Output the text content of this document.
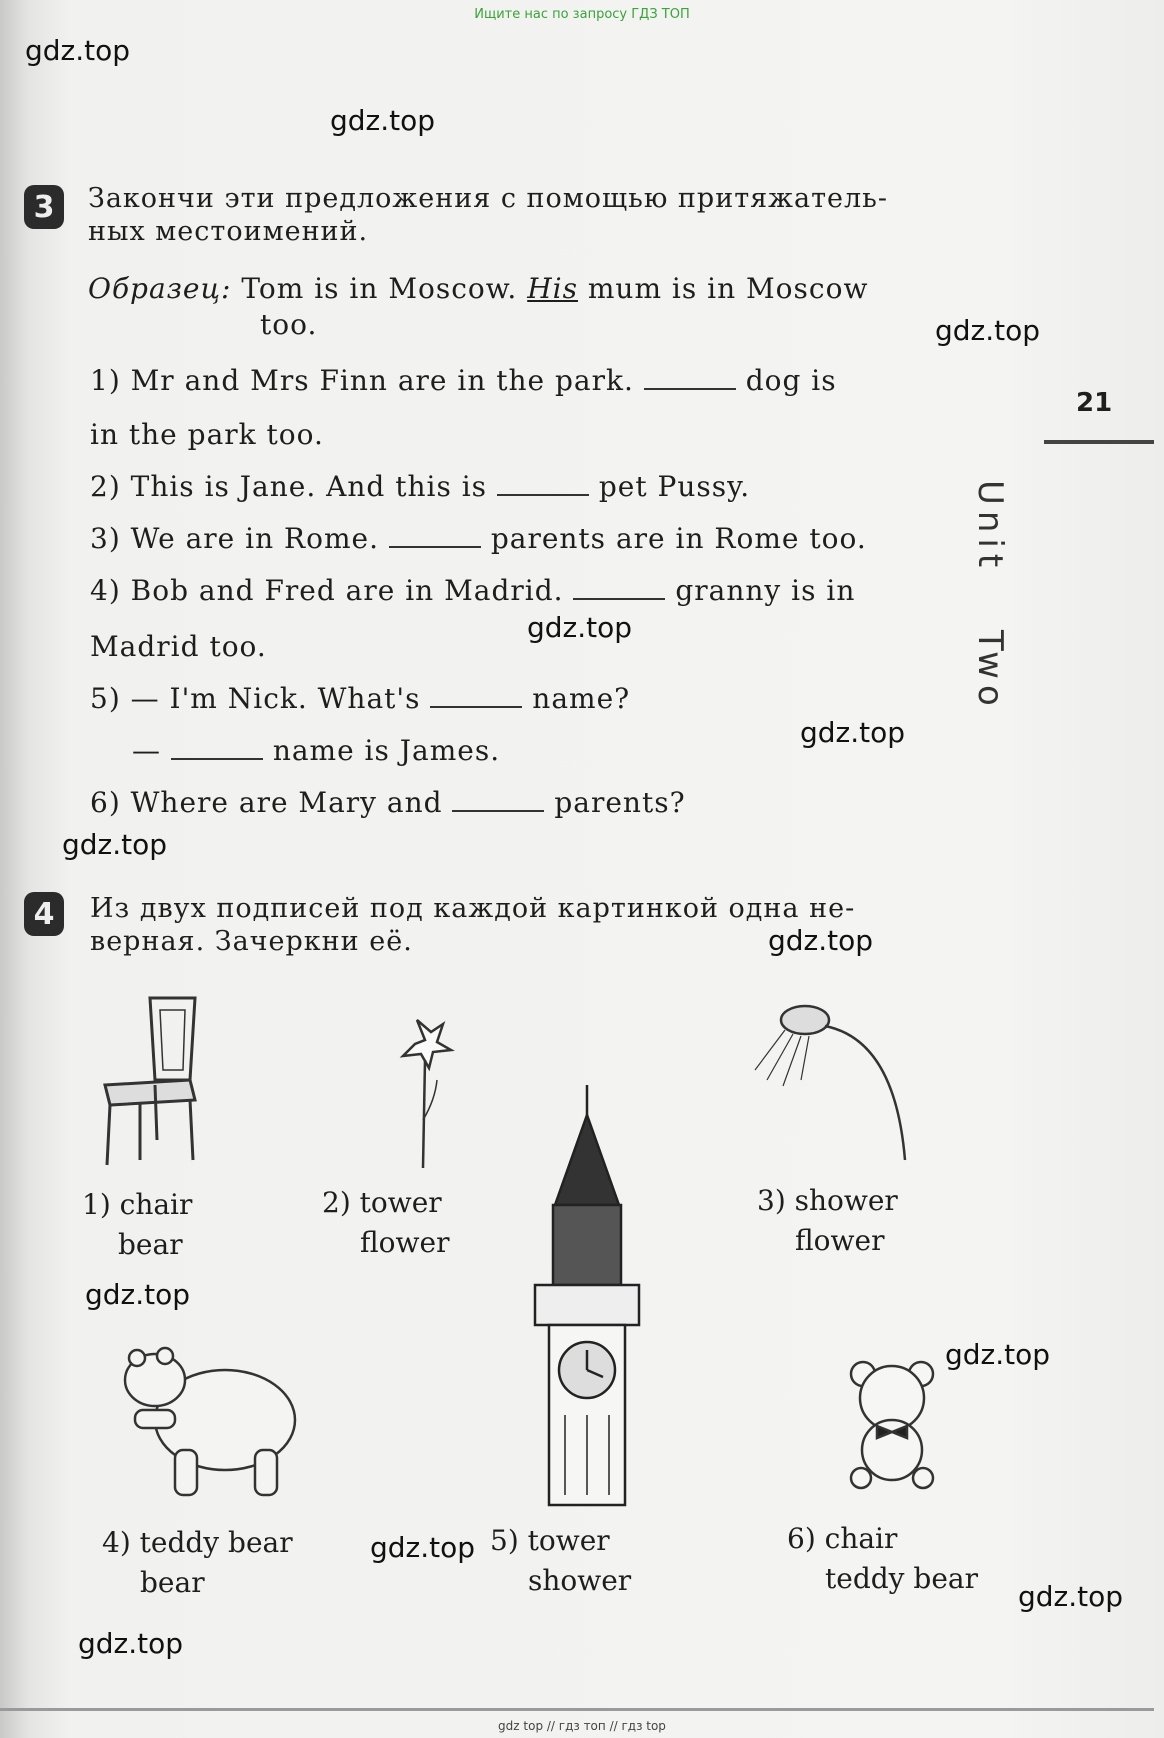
Ищите нас по запросу ГДЗ ТОП
gdz.top
gdz.top
gdz.top
gdz.top
gdz.top
gdz.top
gdz.top
gdz.top
gdz.top
gdz.top
gdz.top
gdz.top
21
Unit
Two
3	Закончи эти предложения с помощью притяжатель-
ных местоимений.
Образец: Tom is in Moscow. His mum is in Moscow
too.
1) Mr and Mrs Finn are in the park.	dog is
in the park too.
2) This is Jane. And this is	pet Pussy.
3) We are in Rome.	parents are in Rome too.
4) Bob and Fred are in Madrid.	granny is in
Madrid too.
5) — I'm Nick. What's	name?
—	name is James.
6) Where are Mary and	parents?
4	Из двух подписей под каждой картинкой одна не-
верная. Зачеркни её.
1) chair
bear
2) tower
flower
3) shower
flower
4) teddy bear
bear
5) tower
shower
6) chair
teddy bear
gdz top // гдз топ // гдз top
